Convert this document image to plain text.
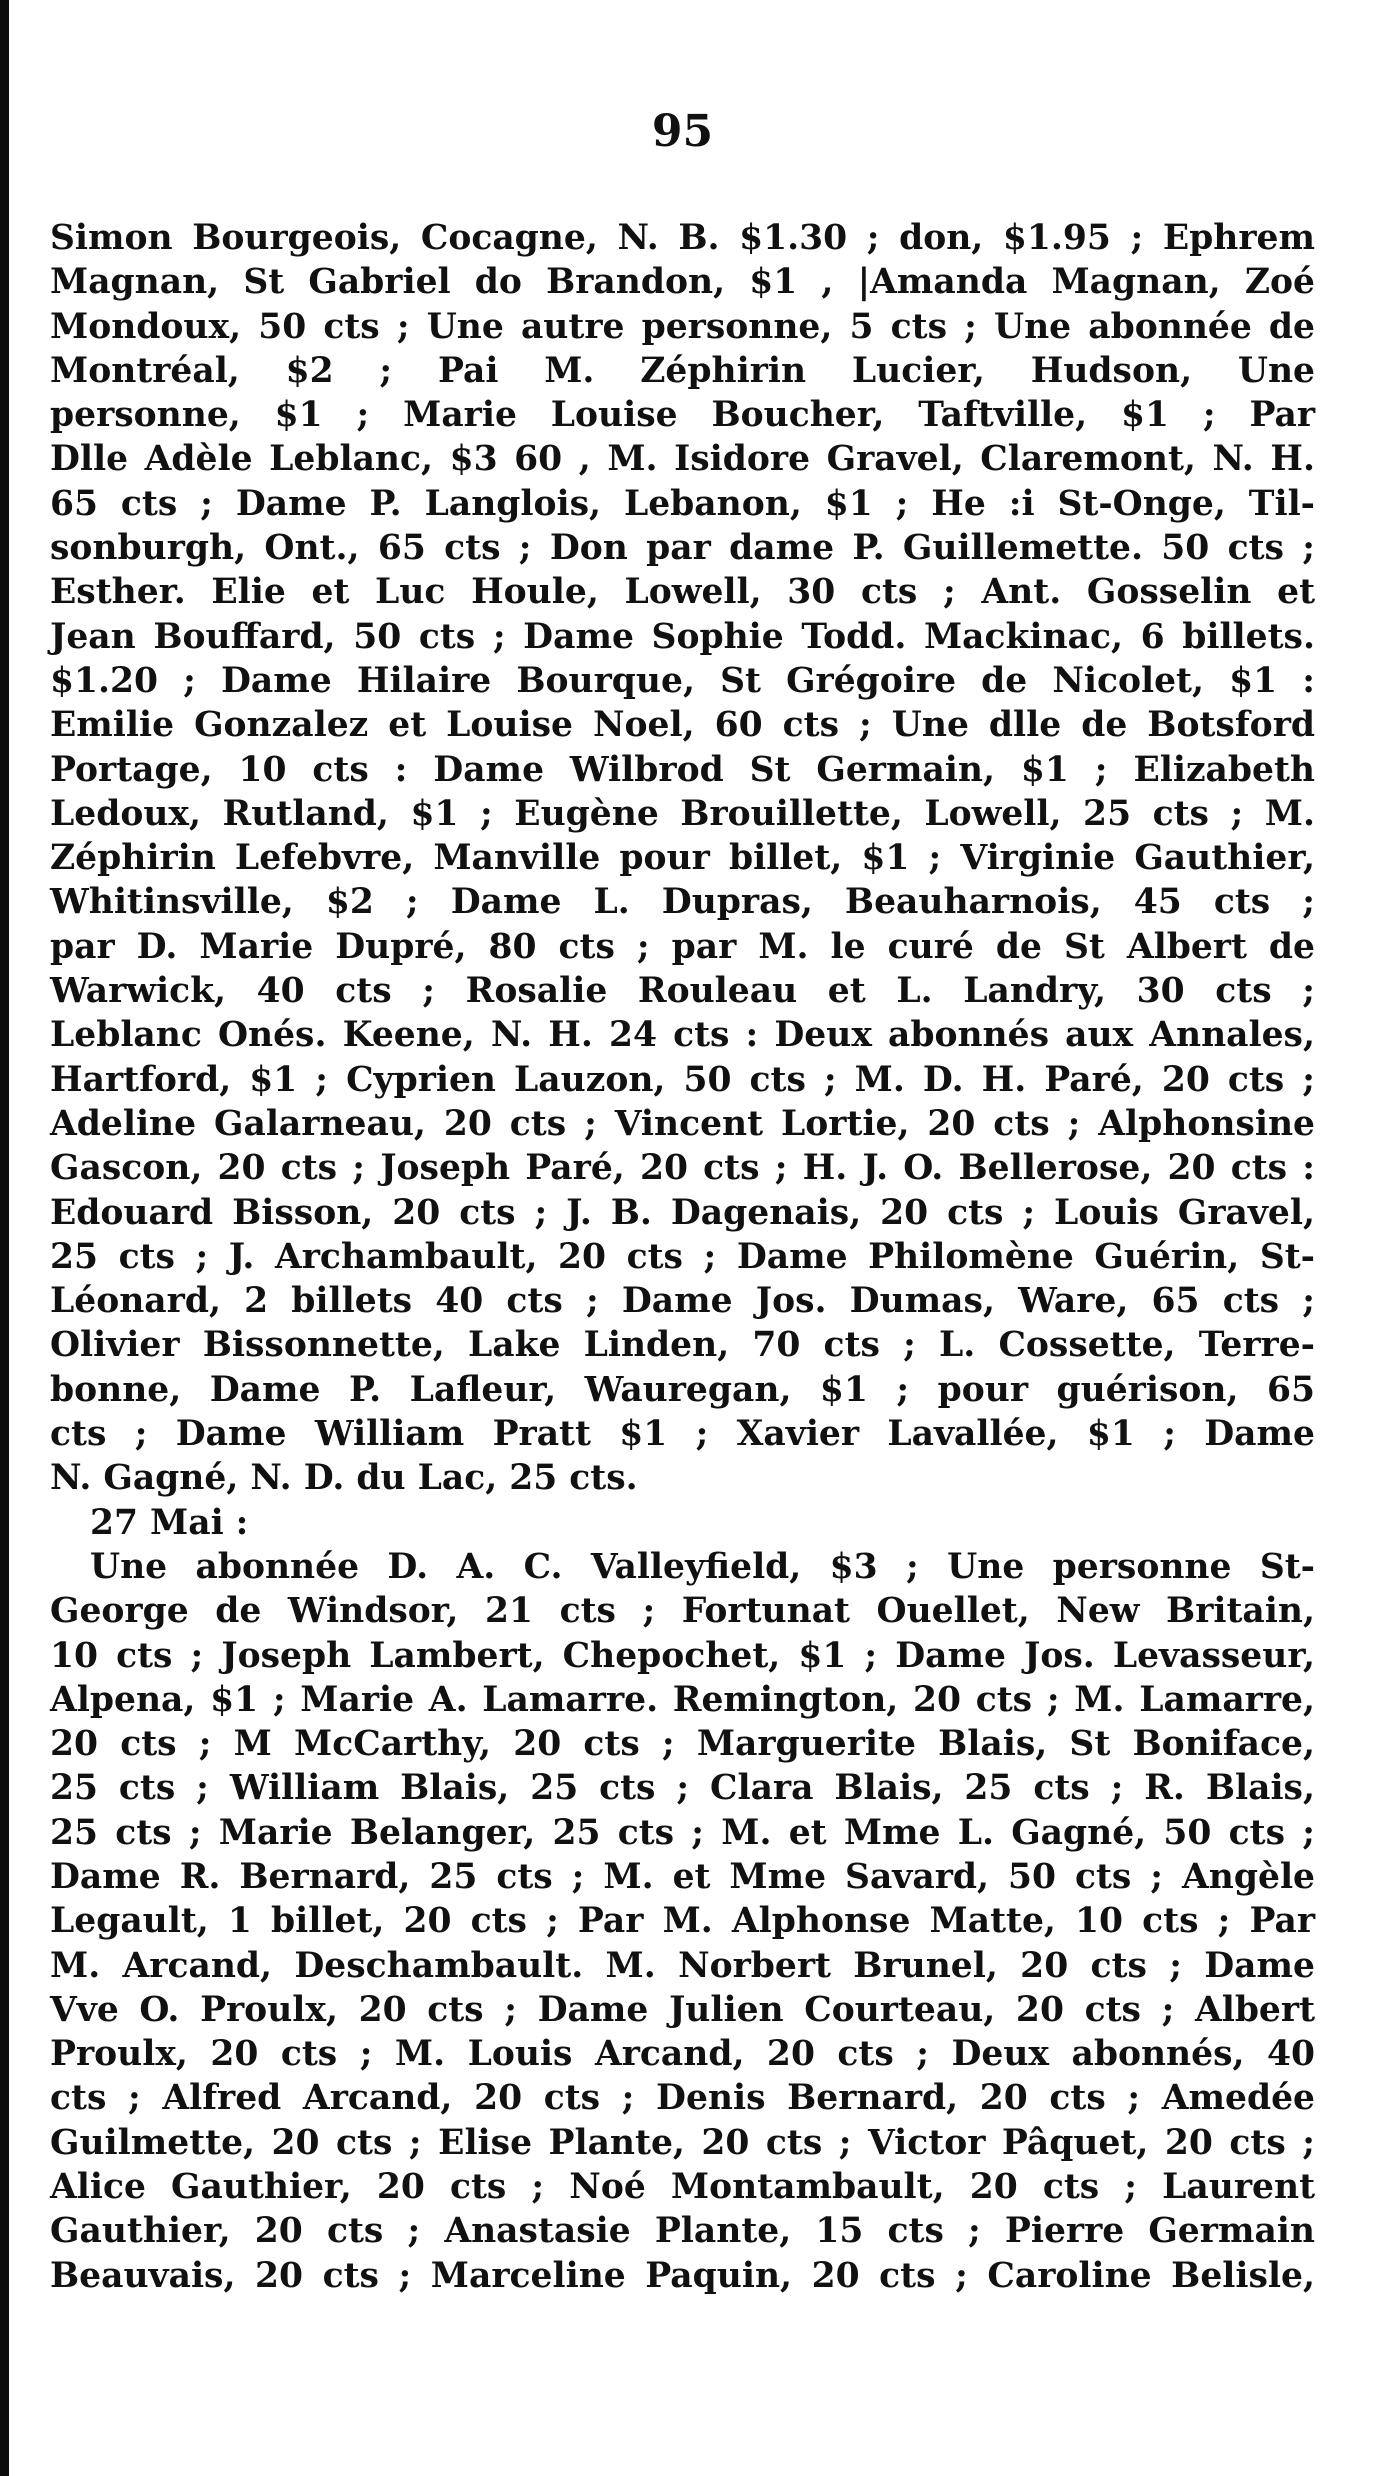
95
Simon Bourgeois, Cocagne, N. B. $1.30 ; don, $1.95 ; Ephrem
Magnan, St Gabriel do Brandon, $1 , |Amanda Magnan, Zoé
Mondoux, 50 cts ; Une autre personne, 5 cts ; Une abonnée de
Montréal, $2 ; Pai M. Zéphirin Lucier, Hudson, Une
personne, $1 ; Marie Louise Boucher, Taftville, $1 ; Par
Dlle Adèle Leblanc, $3 60 , M. Isidore Gravel, Claremont, N. H.
65 cts ; Dame P. Langlois, Lebanon, $1 ; He :i St-Onge, Til-
sonburgh, Ont., 65 cts ; Don par dame P. Guillemette. 50 cts ;
Esther. Elie et Luc Houle, Lowell, 30 cts ; Ant. Gosselin et
Jean Bouffard, 50 cts ; Dame Sophie Todd. Mackinac, 6 billets.
$1.20 ; Dame Hilaire Bourque, St Grégoire de Nicolet, $1 :
Emilie Gonzalez et Louise Noel, 60 cts ; Une dlle de Botsford
Portage, 10 cts : Dame Wilbrod St Germain, $1 ; Elizabeth
Ledoux, Rutland, $1 ; Eugène Brouillette, Lowell, 25 cts ; M.
Zéphirin Lefebvre, Manville pour billet, $1 ; Virginie Gauthier,
Whitinsville, $2 ; Dame L. Dupras, Beauharnois, 45 cts ;
par D. Marie Dupré, 80 cts ; par M. le curé de St Albert de
Warwick, 40 cts ; Rosalie Rouleau et L. Landry, 30 cts ;
Leblanc Onés. Keene, N. H. 24 cts : Deux abonnés aux Annales,
Hartford, $1 ; Cyprien Lauzon, 50 cts ; M. D. H. Paré, 20 cts ;
Adeline Galarneau, 20 cts ; Vincent Lortie, 20 cts ; Alphonsine
Gascon, 20 cts ; Joseph Paré, 20 cts ; H. J. O. Bellerose, 20 cts :
Edouard Bisson, 20 cts ; J. B. Dagenais, 20 cts ; Louis Gravel,
25 cts ; J. Archambault, 20 cts ; Dame Philomène Guérin, St-
Léonard, 2 billets 40 cts ; Dame Jos. Dumas, Ware, 65 cts ;
Olivier Bissonnette, Lake Linden, 70 cts ; L. Cossette, Terre-
bonne, Dame P. Lafleur, Wauregan, $1 ; pour guérison, 65
cts ; Dame William Pratt $1 ; Xavier Lavallée, $1 ; Dame
N. Gagné, N. D. du Lac, 25 cts.
27 Mai :
Une abonnée D. A. C. Valleyfield, $3 ; Une personne St-
George de Windsor, 21 cts ; Fortunat Ouellet, New Britain,
10 cts ; Joseph Lambert, Chepochet, $1 ; Dame Jos. Levasseur,
Alpena, $1 ; Marie A. Lamarre. Remington, 20 cts ; M. Lamarre,
20 cts ; M McCarthy, 20 cts ; Marguerite Blais, St Boniface,
25 cts ; William Blais, 25 cts ; Clara Blais, 25 cts ; R. Blais,
25 cts ; Marie Belanger, 25 cts ; M. et Mme L. Gagné, 50 cts ;
Dame R. Bernard, 25 cts ; M. et Mme Savard, 50 cts ; Angèle
Legault, 1 billet, 20 cts ; Par M. Alphonse Matte, 10 cts ; Par
M. Arcand, Deschambault. M. Norbert Brunel, 20 cts ; Dame
Vve O. Proulx, 20 cts ; Dame Julien Courteau, 20 cts ; Albert
Proulx, 20 cts ; M. Louis Arcand, 20 cts ; Deux abonnés, 40
cts ; Alfred Arcand, 20 cts ; Denis Bernard, 20 cts ; Amedée
Guilmette, 20 cts ; Elise Plante, 20 cts ; Victor Pâquet, 20 cts ;
Alice Gauthier, 20 cts ; Noé Montambault, 20 cts ; Laurent
Gauthier, 20 cts ; Anastasie Plante, 15 cts ; Pierre Germain
Beauvais, 20 cts ; Marceline Paquin, 20 cts ; Caroline Belisle,
